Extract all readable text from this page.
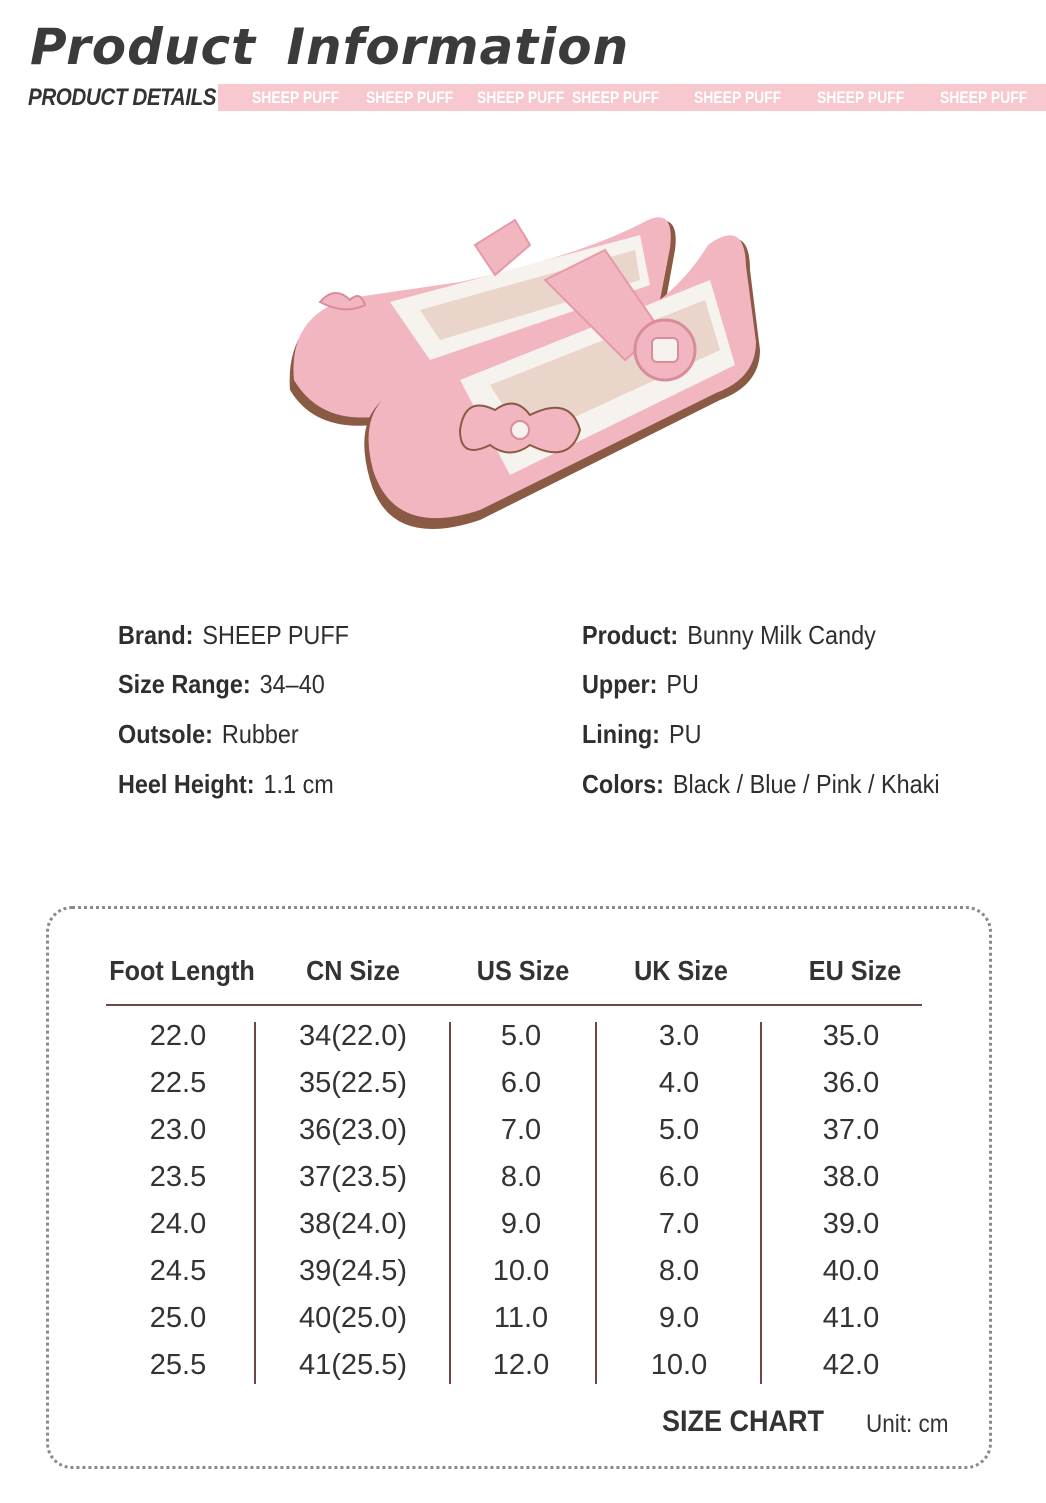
Product Information
PRODUCT DETAILS SHEEP PUFF SHEEP PUFF SHEEP PUFF SHEEP PUFF SHEEP PUFF SHEEP PUFF SHEEP PUFF
Brand : SHEEP PUFF
Size Range : 34–40
Outsole : Rubber
Heel Height : 1.1 cm
Product : Bunny Milk Candy
Upper : PU
Lining : PU
Colors : Black / Blue / Pink / Khaki
Foot Length	CN Size	US Size	UK Size	EU Size
22.0	34(22.0)	5.0	3.0	35.0
22.5	35(22.5)	6.0	4.0	36.0
23.0	36(23.0)	7.0	5.0	37.0
23.5	37(23.5)	8.0	6.0	38.0
24.0	38(24.0)	9.0	7.0	39.0
24.5	39(24.5)	10.0	8.0	40.0
25.0	40(25.0)	11.0	9.0	41.0
25.5	41(25.5)	12.0	10.0	42.0
SIZE CHART Unit: cm
